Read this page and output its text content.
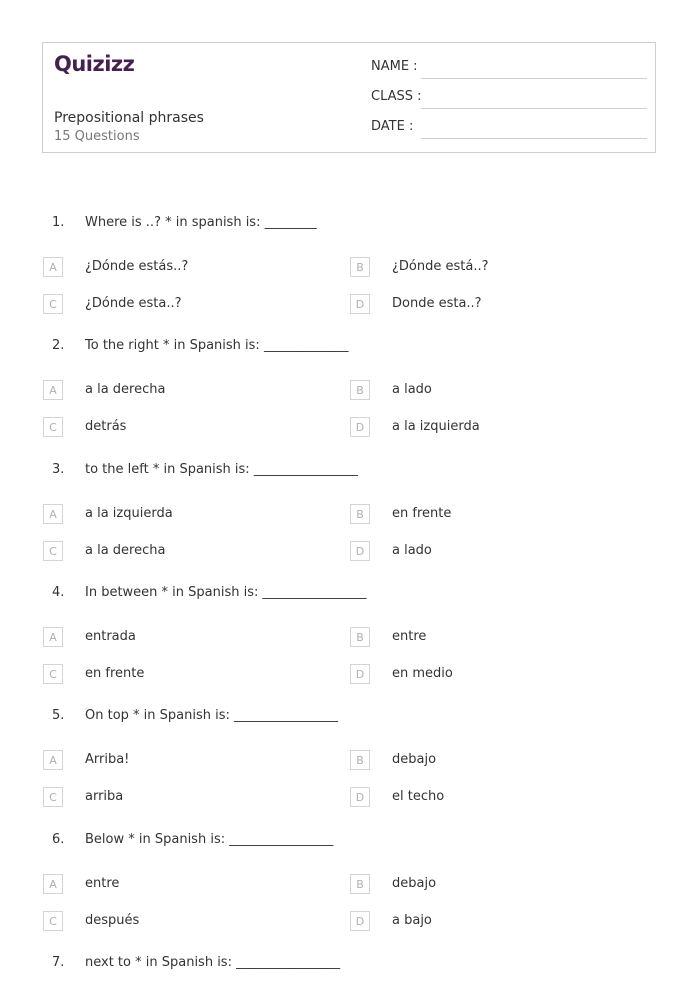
Quizizz
Prepositional phrases
15 Questions
NAME :
CLASS :
DATE :
1.	Where is ..? * in spanish is: ________
A	¿Dónde estás..?	B	¿Dónde está..?
C	¿Dónde esta..?	D	Donde esta..?
2.	To the right * in Spanish is: _____________
A	a la derecha	B	a lado
C	detrás	D	a la izquierda
3.	to the left * in Spanish is: ________________
A	a la izquierda	B	en frente
C	a la derecha	D	a lado
4.	In between * in Spanish is: ________________
A	entrada	B	entre
C	en frente	D	en medio
5.	On top * in Spanish is: ________________
A	Arriba!	B	debajo
C	arriba	D	el techo
6.	Below * in Spanish is: ________________
A	entre	B	debajo
C	después	D	a bajo
7.	next to * in Spanish is: ________________
